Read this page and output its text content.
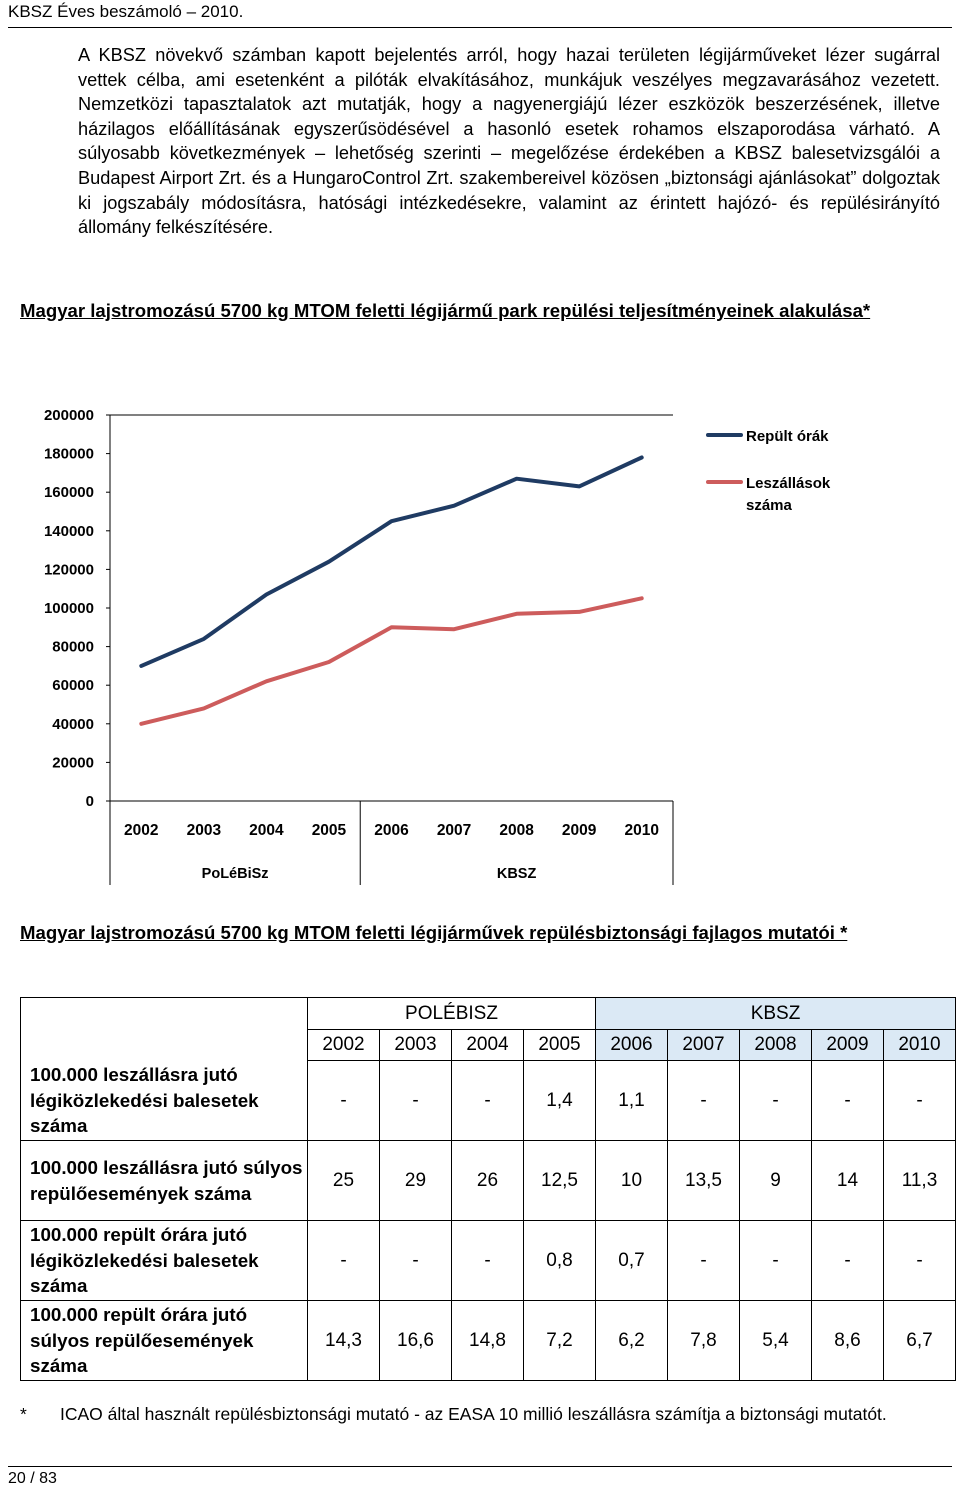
KBSZ Éves beszámoló – 2010.

A KBSZ növekvő számban kapott bejelentés arról, hogy hazai területen légijárműveket lézer sugárral vettek célba, ami esetenként a pilóták elvakításához, munkájuk veszélyes megzavarásához vezetett. Nemzetközi tapasztalatok azt mutatják, hogy a nagyenergiájú lézer eszközök beszerzésének, illetve házilagos előállításának egyszerűsödésével a hasonló esetek rohamos elszaporodása várható. A súlyosabb következmények – lehetőség szerinti – megelőzése érdekében a KBSZ balesetvizsgálói a Budapest Airport Zrt. és a HungaroControl Zrt. szakembereivel közösen „biztonsági ajánlásokat” dolgoztak ki jogszabály módosításra, hatósági intézkedésekre, valamint az érintett hajózó- és repülésirányító állomány felkészítésére.

Magyar lajstromozású 5700 kg MTOM feletti légijármű park repülési teljesítményeinek alakulása*

0
20000
40000
60000
80000
100000
120000
140000
160000
180000
200000
2002 2003 2004 2005 2006 2007 2008 2009 2010
PoLéBiSz	KBSZ
Repült órák
Leszállások
száma

Magyar lajstromozású 5700 kg MTOM feletti légijárművek repülésbiztonsági fajlagos mutatói *

	POLÉBISZ				KBSZ				
	2002	2003	2004	2005	2006	2007	2008	2009	2010
100.000 leszállásra jutó légiközlekedési balesetek száma	-	-	-	1,4	1,1	-	-	-	-
100.000 leszállásra jutó súlyos repülőesemények száma	25	29	26	12,5	10	13,5	9	14	11,3
100.000 repült órára jutó légiközlekedési balesetek száma	-	-	-	0,8	0,7	-	-	-	-
100.000 repült órára jutó súlyos repülőesemények száma	14,3	16,6	14,8	7,2	6,2	7,8	5,4	8,6	6,7
* ICAO által használt repülésbiztonsági mutató - az EASA 10 millió leszállásra számítja a biztonsági mutatót.
20 / 83
